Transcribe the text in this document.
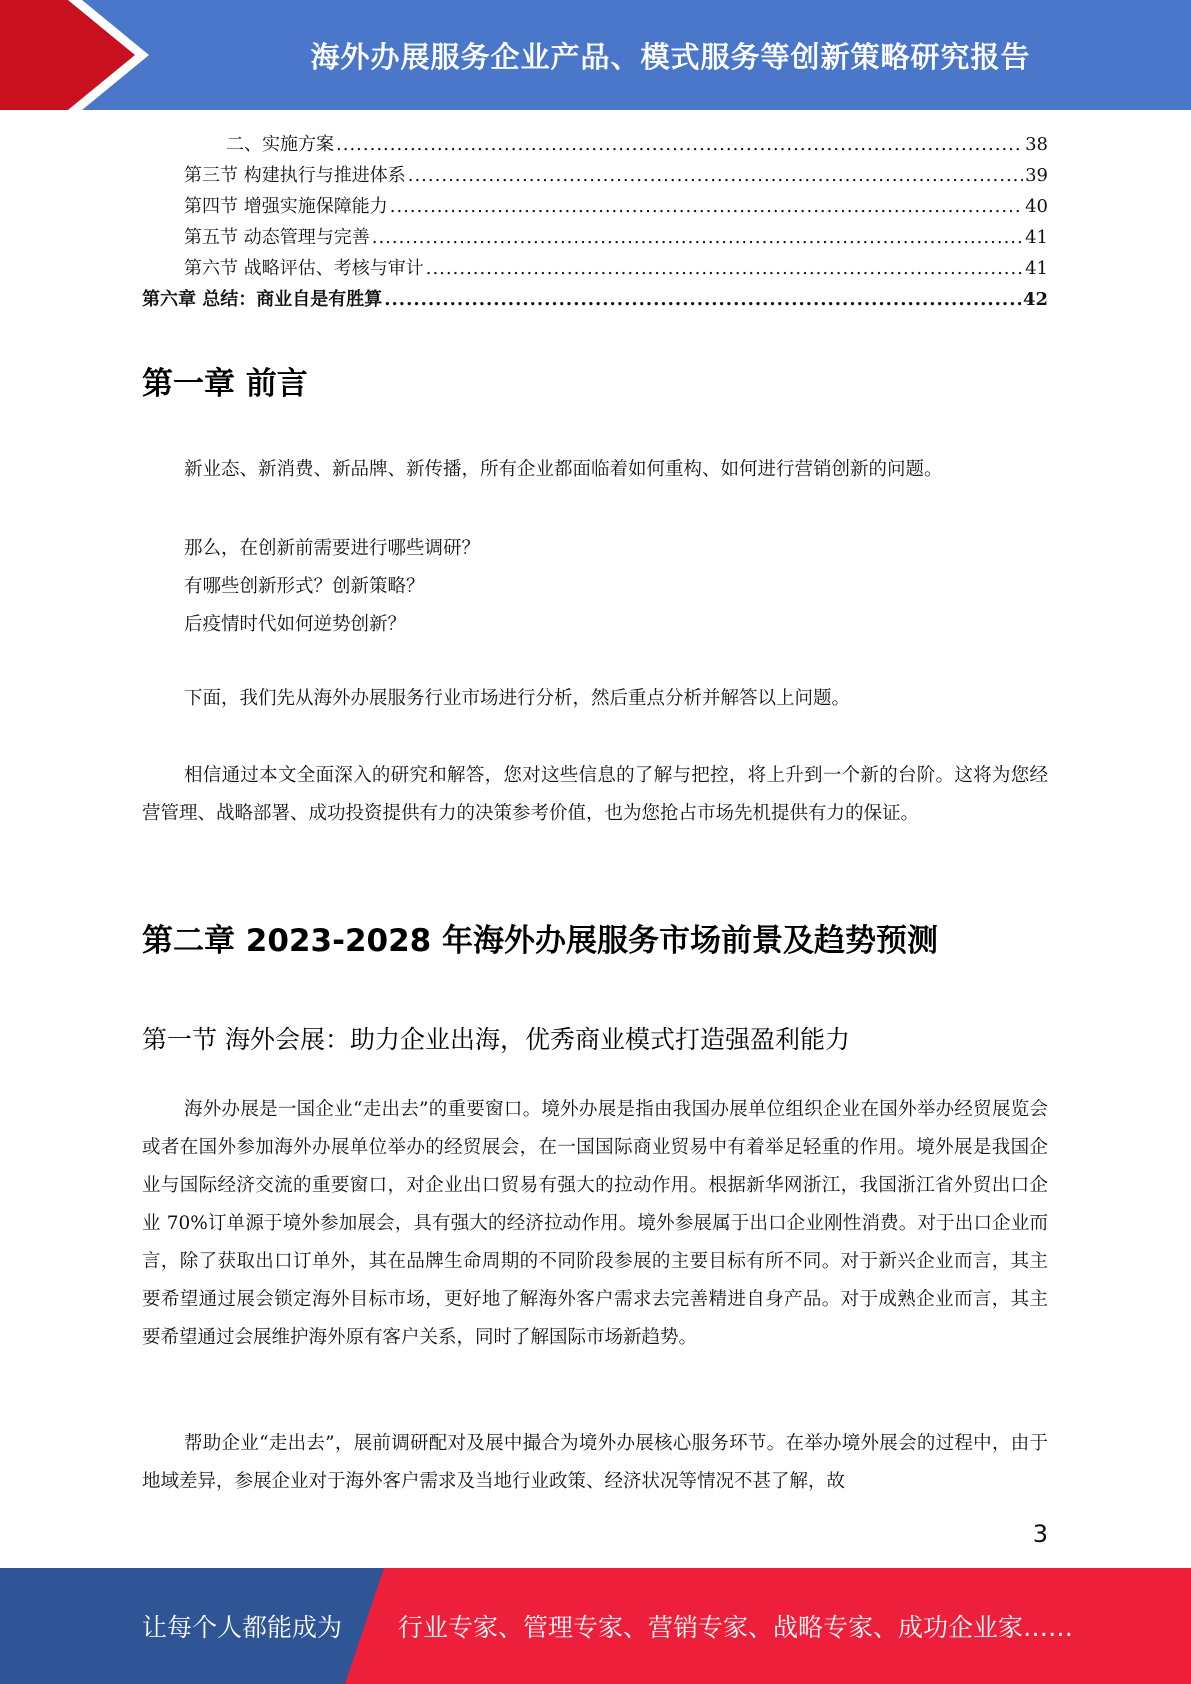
海外办展服务企业产品、模式服务等创新策略研究报告
二、实施方案 .....	38
第三节 构建执行与推进体系 .....	39
第四节 增强实施保障能力 .....	40
第五节 动态管理与完善 .....	41
第六节 战略评估、考核与审计 .....	41
第六章 总结：商业自是有胜算 .....	42
第一章 前言
新业态、新消费、新品牌、新传播，所有企业都面临着如何重构、如何进行营销创新的问题。
那么，在创新前需要进行哪些调研？
有哪些创新形式？创新策略？
后疫情时代如何逆势创新？
下面，我们先从海外办展服务行业市场进行分析，然后重点分析并解答以上问题。
相信通过本文全面深入的研究和解答，您对这些信息的了解与把控，将上升到一个新的台阶。这将为您经营管理、战略部署、成功投资提供有力的决策参考价值，也为您抢占市场先机提供有力的保证。
第二章 2023-2028 年海外办展服务市场前景及趋势预测
第一节 海外会展：助力企业出海，优秀商业模式打造强盈利能力
海外办展是一国企业“走出去”的重要窗口。境外办展是指由我国办展单位组织企业在国外举办经贸展览会或者在国外参加海外办展单位举办的经贸展会，在一国国际商业贸易中有着举足轻重的作用。境外展是我国企业与国际经济交流的重要窗口，对企业出口贸易有强大的拉动作用。根据新华网浙江，我国浙江省外贸出口企业 70%订单源于境外参加展会，具有强大的经济拉动作用。境外参展属于出口企业刚性消费。对于出口企业而言，除了获取出口订单外，其在品牌生命周期的不同阶段参展的主要目标有所不同。对于新兴企业而言，其主要希望通过展会锁定海外目标市场，更好地了解海外客户需求去完善精进自身产品。对于成熟企业而言，其主要希望通过会展维护海外原有客户关系，同时了解国际市场新趋势。
帮助企业“走出去”，展前调研配对及展中撮合为境外办展核心服务环节。在举办境外展会的过程中，由于地域差异，参展企业对于海外客户需求及当地行业政策、经济状况等情况不甚了解，故
3
让每个人都能成为 行业专家、管理专家、营销专家、战略专家、成功企业家……
